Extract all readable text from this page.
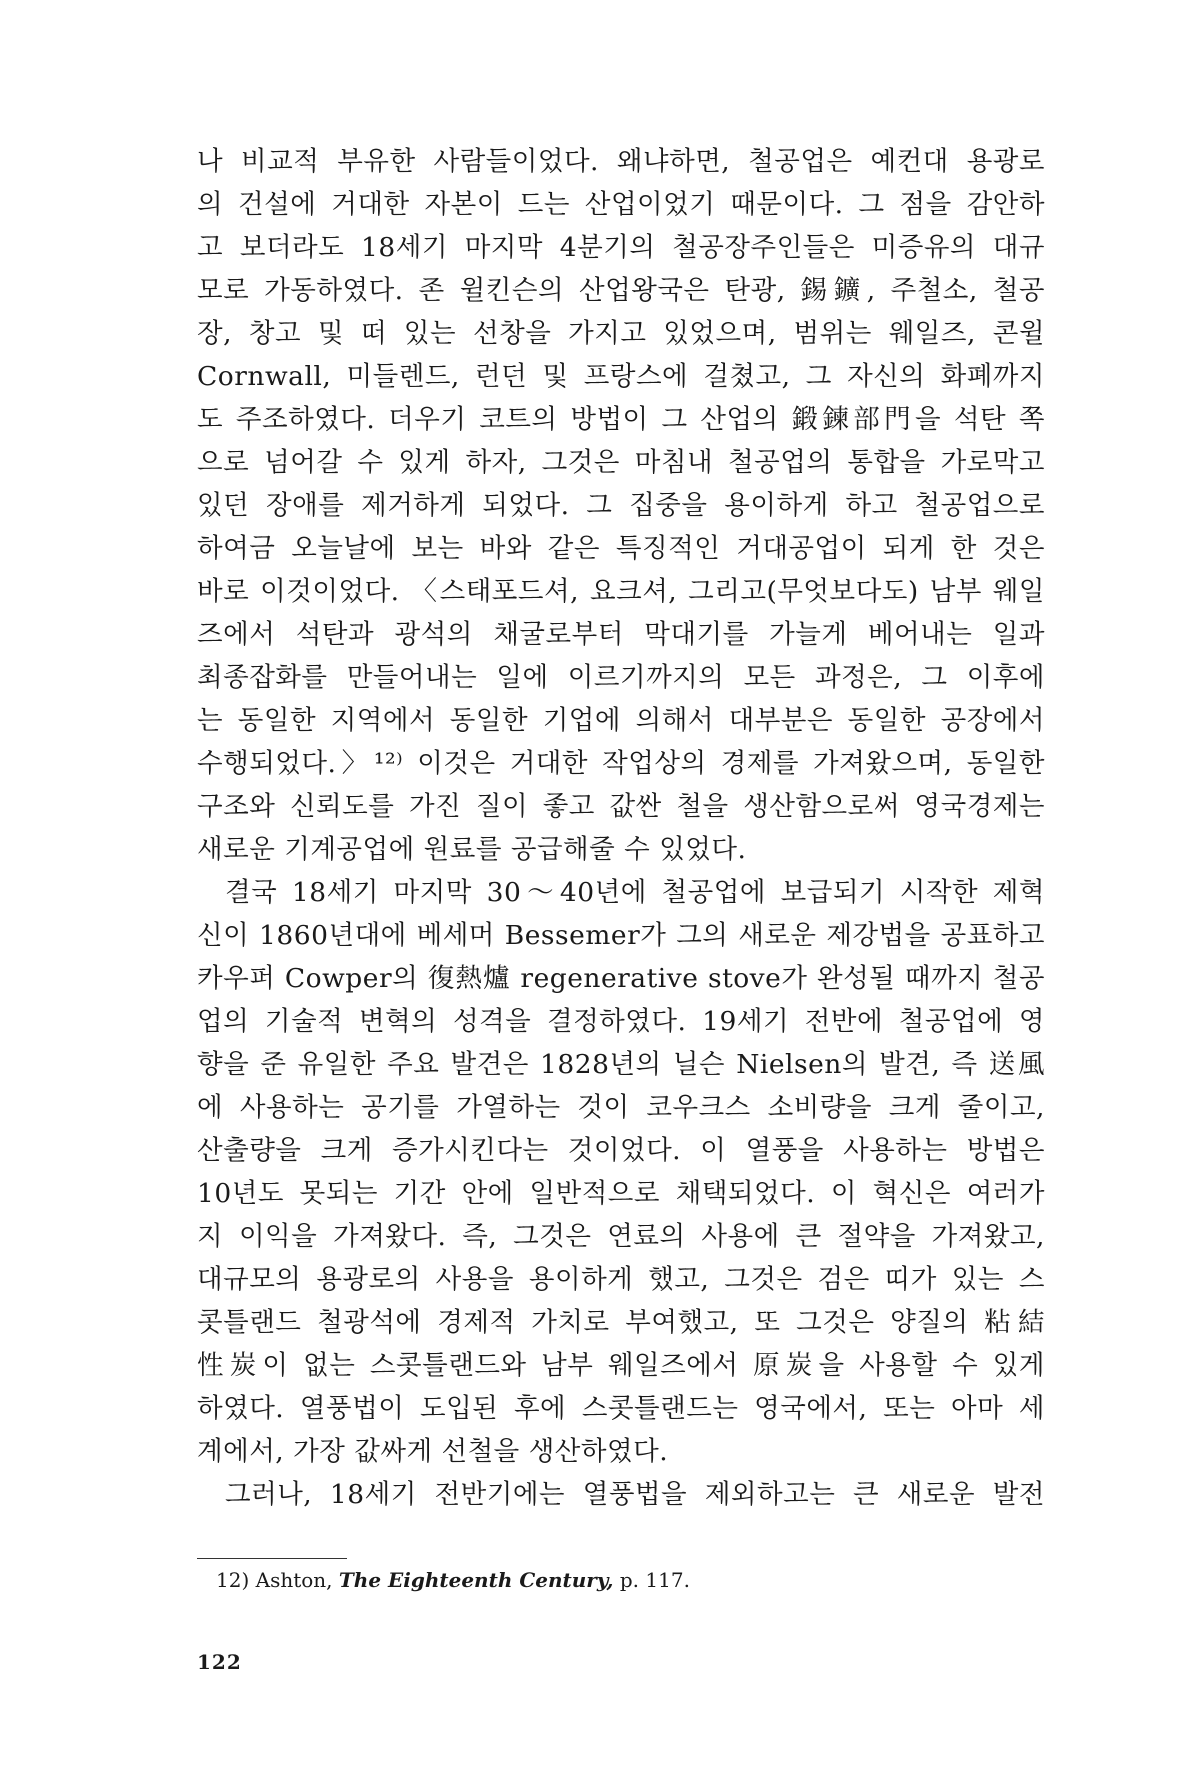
나 비교적 부유한 사람들이었다. 왜냐하면, 철공업은 예컨대 용광로
의 건설에 거대한 자본이 드는 산업이었기 때문이다. 그 점을 감안하
고 보더라도 18세기 마지막 4분기의 철공장주인들은 미증유의 대규
모로 가동하였다. 존 윌킨슨의 산업왕국은 탄광, 錫鑛, 주철소, 철공
장, 창고 및 떠 있는 선창을 가지고 있었으며, 범위는 웨일즈, 콘윌
Cornwall, 미들렌드, 런던 및 프랑스에 걸쳤고, 그 자신의 화폐까지
도 주조하였다. 더우기 코트의 방법이 그 산업의 鍛鍊部門을 석탄 쪽
으로 넘어갈 수 있게 하자, 그것은 마침내 철공업의 통합을 가로막고
있던 장애를 제거하게 되었다. 그 집중을 용이하게 하고 철공업으로
하여금 오늘날에 보는 바와 같은 특징적인 거대공업이 되게 한 것은
바로 이것이었다. 〈스태포드셔, 요크셔, 그리고(무엇보다도) 남부 웨일
즈에서 석탄과 광석의 채굴로부터 막대기를 가늘게 베어내는 일과
최종잡화를 만들어내는 일에 이르기까지의 모든 과정은, 그 이후에
는 동일한 지역에서 동일한 기업에 의해서 대부분은 동일한 공장에서
수행되었다.〉¹²⁾ 이것은 거대한 작업상의 경제를 가져왔으며, 동일한
구조와 신뢰도를 가진 질이 좋고 값싼 철을 생산함으로써 영국경제는
새로운 기계공업에 원료를 공급해줄 수 있었다.
결국 18세기 마지막 30～40년에 철공업에 보급되기 시작한 제혁
신이 1860년대에 베세머 Bessemer가 그의 새로운 제강법을 공표하고
카우퍼 Cowper의 復熱爐 regenerative stove가 완성될 때까지 철공
업의 기술적 변혁의 성격을 결정하였다. 19세기 전반에 철공업에 영
향을 준 유일한 주요 발견은 1828년의 닐슨 Nielsen의 발견, 즉 送風
에 사용하는 공기를 가열하는 것이 코우크스 소비량을 크게 줄이고,
산출량을 크게 증가시킨다는 것이었다. 이 열풍을 사용하는 방법은
10년도 못되는 기간 안에 일반적으로 채택되었다. 이 혁신은 여러가
지 이익을 가져왔다. 즉, 그것은 연료의 사용에 큰 절약을 가져왔고,
대규모의 용광로의 사용을 용이하게 했고, 그것은 검은 띠가 있는 스
콧틀랜드 철광석에 경제적 가치로 부여했고, 또 그것은 양질의 粘結
性炭이 없는 스콧틀랜드와 남부 웨일즈에서 原炭을 사용할 수 있게
하였다. 열풍법이 도입된 후에 스콧틀랜드는 영국에서, 또는 아마 세
계에서, 가장 값싸게 선철을 생산하였다.
그러나, 18세기 전반기에는 열풍법을 제외하고는 큰 새로운 발전
12) Ashton, The Eighteenth Century, p. 117.
122
